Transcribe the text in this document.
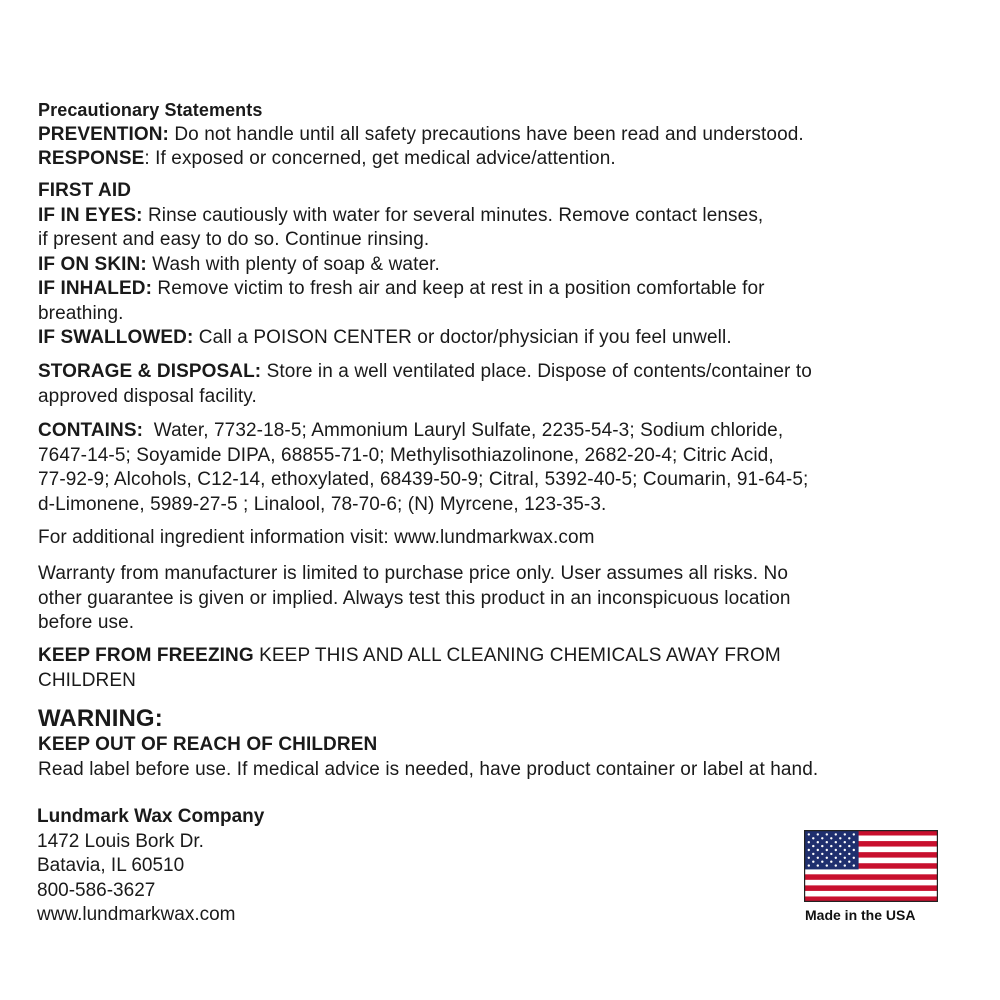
Precautionary Statements

PREVENTION: Do not handle until all safety precautions have been read and understood.

RESPONSE: If exposed or concerned, get medical advice/attention.

FIRST AID

IF IN EYES: Rinse cautiously with water for several minutes. Remove contact lenses,

if present and easy to do so. Continue rinsing.

IF ON SKIN: Wash with plenty of soap & water.

IF INHALED: Remove victim to fresh air and keep at rest in a position comfortable for

breathing.

IF SWALLOWED: Call a POISON CENTER or doctor/physician if you feel unwell.

STORAGE & DISPOSAL: Store in a well ventilated place. Dispose of contents/container to

approved disposal facility.

CONTAINS:  Water, 7732-18-5; Ammonium Lauryl Sulfate, 2235-54-3; Sodium chloride,

7647-14-5; Soyamide DIPA, 68855-71-0; Methylisothiazolinone, 2682-20-4; Citric Acid,

77-92-9; Alcohols, C12-14, ethoxylated, 68439-50-9; Citral, 5392-40-5; Coumarin, 91-64-5;

d-Limonene, 5989-27-5 ; Linalool, 78-70-6; (N) Myrcene, 123-35-3.

For additional ingredient information visit: www.lundmarkwax.com

Warranty from manufacturer is limited to purchase price only. User assumes all risks. No

other guarantee is given or implied. Always test this product in an inconspicuous location

before use.

KEEP FROM FREEZING KEEP THIS AND ALL CLEANING CHEMICALS AWAY FROM

CHILDREN

WARNING:

KEEP OUT OF REACH OF CHILDREN

Read label before use. If medical advice is needed, have product container or label at hand.

Lundmark Wax Company
1472 Louis Bork Dr.
Batavia, IL 60510
800-586-3627
www.lundmarkwax.com	Made in the USA
